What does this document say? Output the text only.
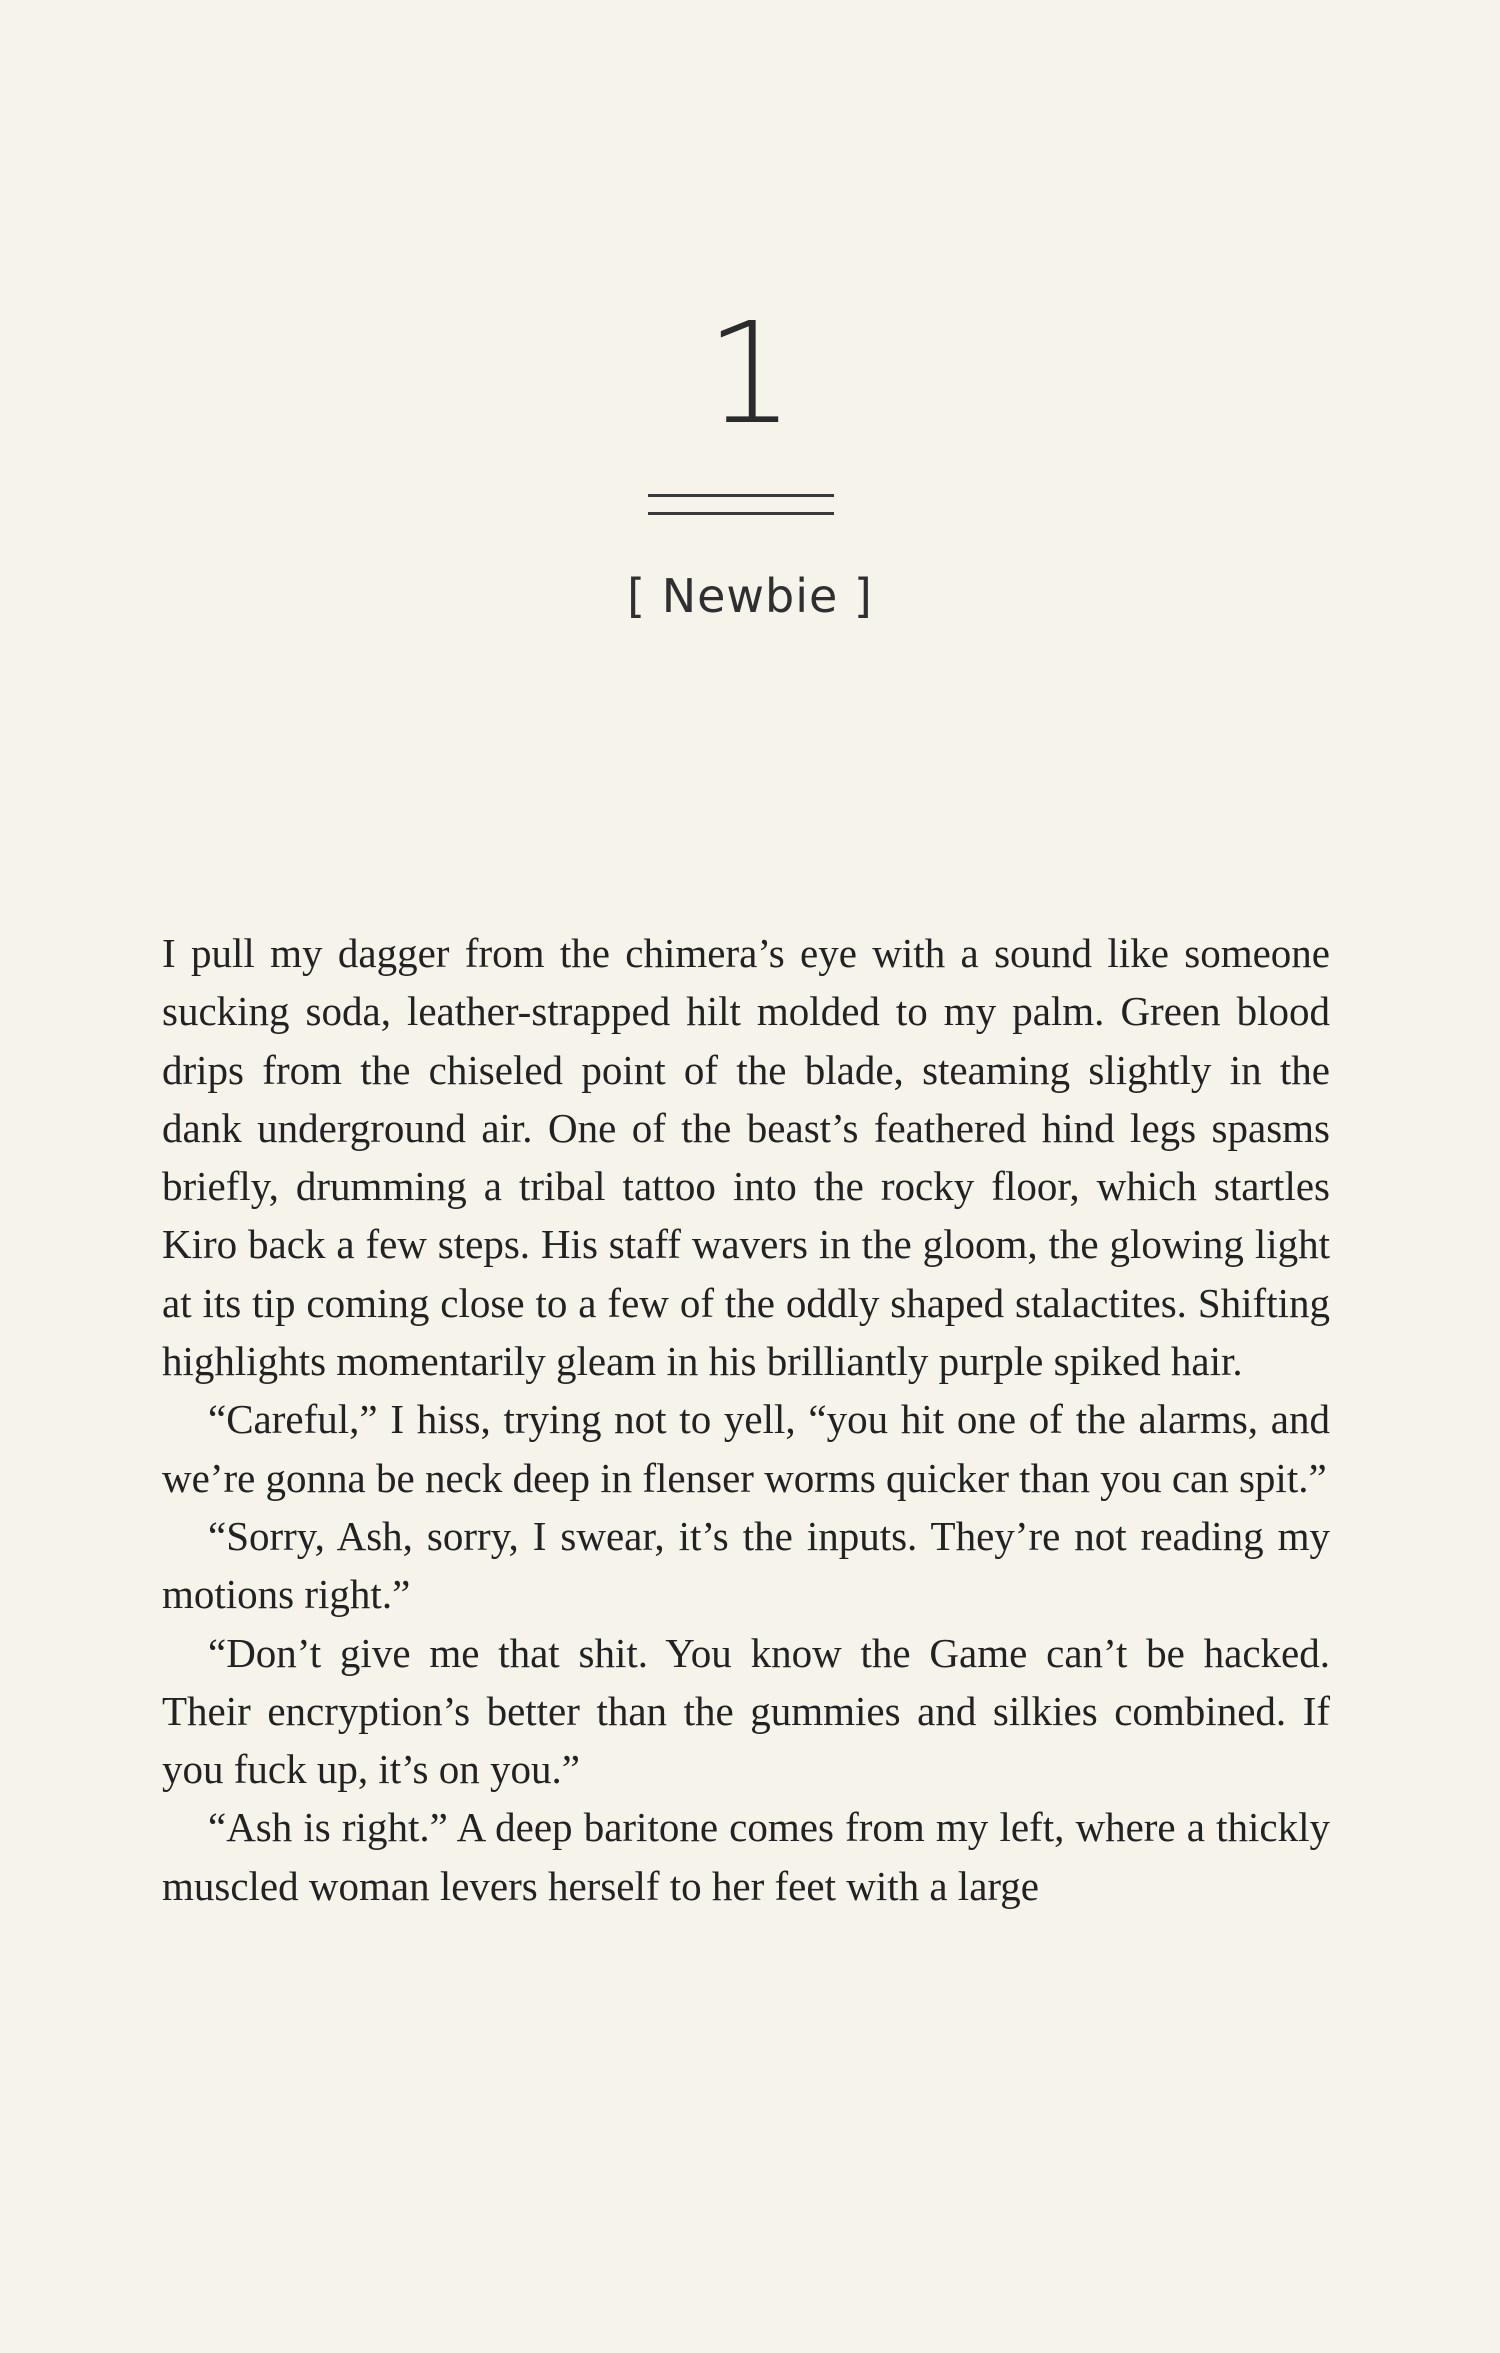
1
[ Newbie ]

I pull my dagger from the chimera’s eye with a sound like someone sucking soda, leather-strapped hilt molded to my palm. Green blood drips from the chiseled point of the blade, steaming slightly in the dank underground air. One of the beast’s feathered hind legs spasms briefly, drumming a tribal tattoo into the rocky floor, which startles Kiro back a few steps. His staff wavers in the gloom, the glowing light at its tip coming close to a few of the oddly shaped stalactites. Shifting highlights momentarily gleam in his brilliantly purple spiked hair.

“Careful,” I hiss, trying not to yell, “you hit one of the alarms, and we’re gonna be neck deep in flenser worms quicker than you can spit.”

“Sorry, Ash, sorry, I swear, it’s the inputs. They’re not reading my motions right.”

“Don’t give me that shit. You know the Game can’t be hacked. Their encryption’s better than the gummies and silkies combined. If you fuck up, it’s on you.”

“Ash is right.” A deep baritone comes from my left, where a thickly muscled woman levers herself to her feet with a large
